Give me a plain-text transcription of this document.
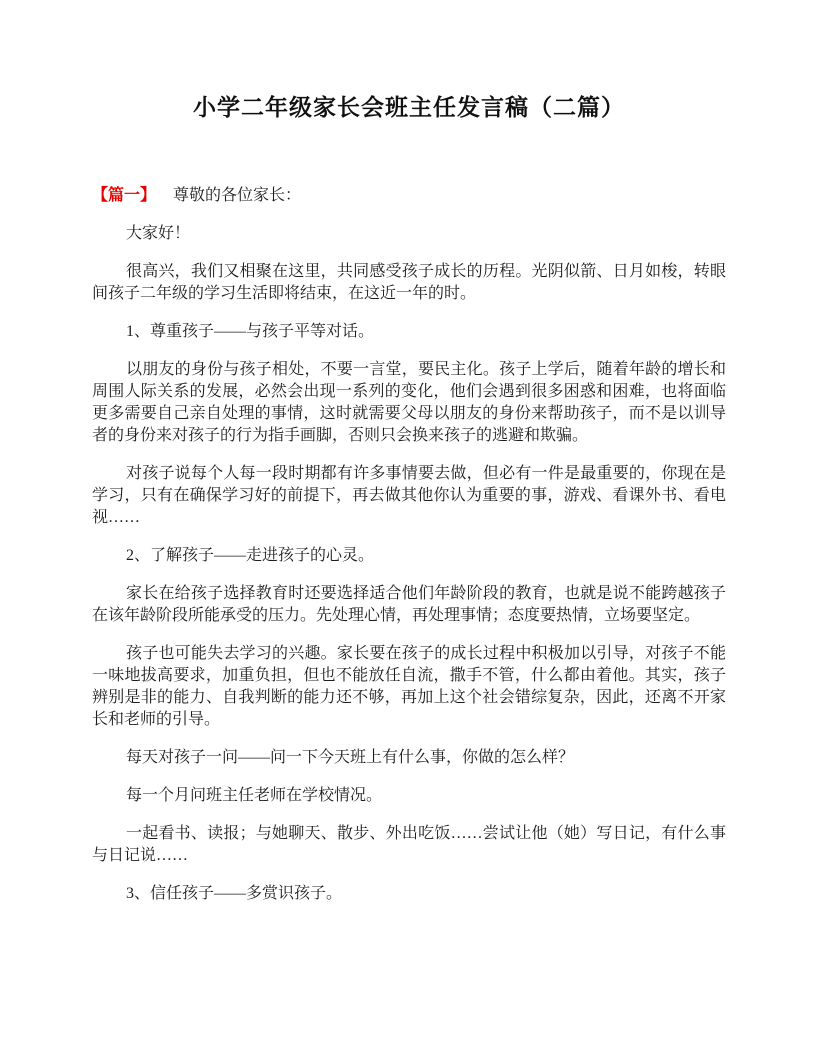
小学二年级家长会班主任发言稿（二篇）

【篇一】 尊敬的各位家长：

大家好！

很高兴，我们又相聚在这里，共同感受孩子成长的历程。光阴似箭、日月如梭，转眼间孩子二年级的学习生活即将结束，在这近一年的时。

1、尊重孩子——与孩子平等对话。

以朋友的身份与孩子相处，不要一言堂，要民主化。孩子上学后，随着年龄的增长和周围人际关系的发展，必然会出现一系列的变化，他们会遇到很多困惑和困难，也将面临更多需要自己亲自处理的事情，这时就需要父母以朋友的身份来帮助孩子，而不是以训导者的身份来对孩子的行为指手画脚，否则只会换来孩子的逃避和欺骗。

对孩子说每个人每一段时期都有许多事情要去做，但必有一件是最重要的，你现在是学习，只有在确保学习好的前提下，再去做其他你认为重要的事，游戏、看课外书、看电视……

2、了解孩子——走进孩子的心灵。

家长在给孩子选择教育时还要选择适合他们年龄阶段的教育，也就是说不能跨越孩子在该年龄阶段所能承受的压力。先处理心情，再处理事情；态度要热情，立场要坚定。

孩子也可能失去学习的兴趣。家长要在孩子的成长过程中积极加以引导，对孩子不能一味地拔高要求，加重负担，但也不能放任自流，撒手不管，什么都由着他。其实，孩子辨别是非的能力、自我判断的能力还不够，再加上这个社会错综复杂，因此，还离不开家长和老师的引导。

每天对孩子一问——问一下今天班上有什么事，你做的怎么样？

每一个月问班主任老师在学校情况。

一起看书、读报；与她聊天、散步、外出吃饭……尝试让他（她）写日记，有什么事与日记说……

3、信任孩子——多赏识孩子。
